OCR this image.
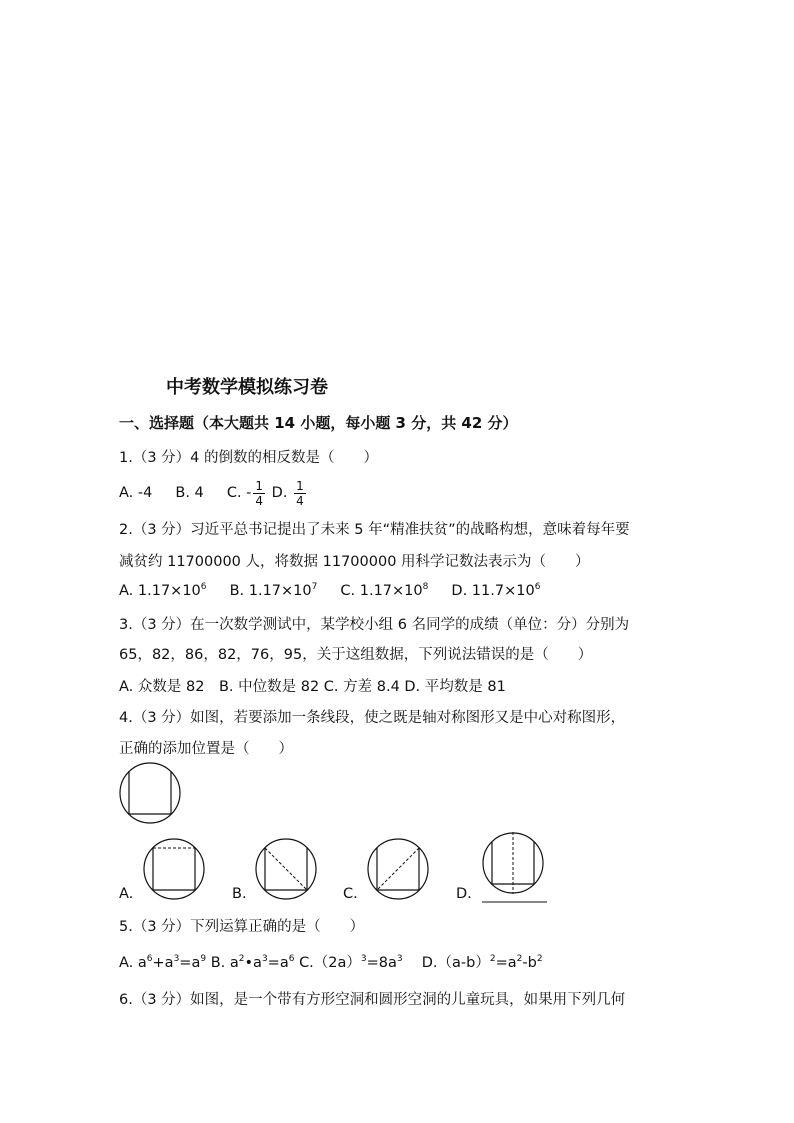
中考数学模拟练习卷
一、选择题（本大题共 14 小题，每小题 3 分，共 42 分）
1.（3 分）4 的倒数的相反数是（　　）
A. -4 B. 4 C. - $\frac{1}{4} D$. $\frac{1}{4}$
2.（3 分）习近平总书记提出了未来 5 年“精准扶贫”的战略构想，意味着每年要
减贫约 11700000 人，将数据 11700000 用科学记数法表示为（　　）
A. $1.17\times 10^6$ B. $1.17\times 10^7$ C. $1.17\times 10^8$ D. $11.7\times 10^6$
3.（3 分）在一次数学测试中，某学校小组 6 名同学的成绩（单位：分）分别为
65，82，86，82，76，95，关于这组数据，下列说法错误的是（　　）
A. 众数是 82　B. 中位数是 82 C. 方差 8.4 D. 平均数是 81
4.（3 分）如图，若要添加一条线段，使之既是轴对称图形又是中心对称图形，
正确的添加位置是（　　）
A.	B.	C.	D.
5.（3 分）下列运算正确的是（　　）
A. $a^6+a^3=a^9$ B. $a^2•a^3=a^6$ $C.(2a)^3=8a^3$ 　$D.(a-b)^2=a^2-b^2$
6.（3 分）如图，是一个带有方形空洞和圆形空洞的儿童玩具，如果用下列几何
